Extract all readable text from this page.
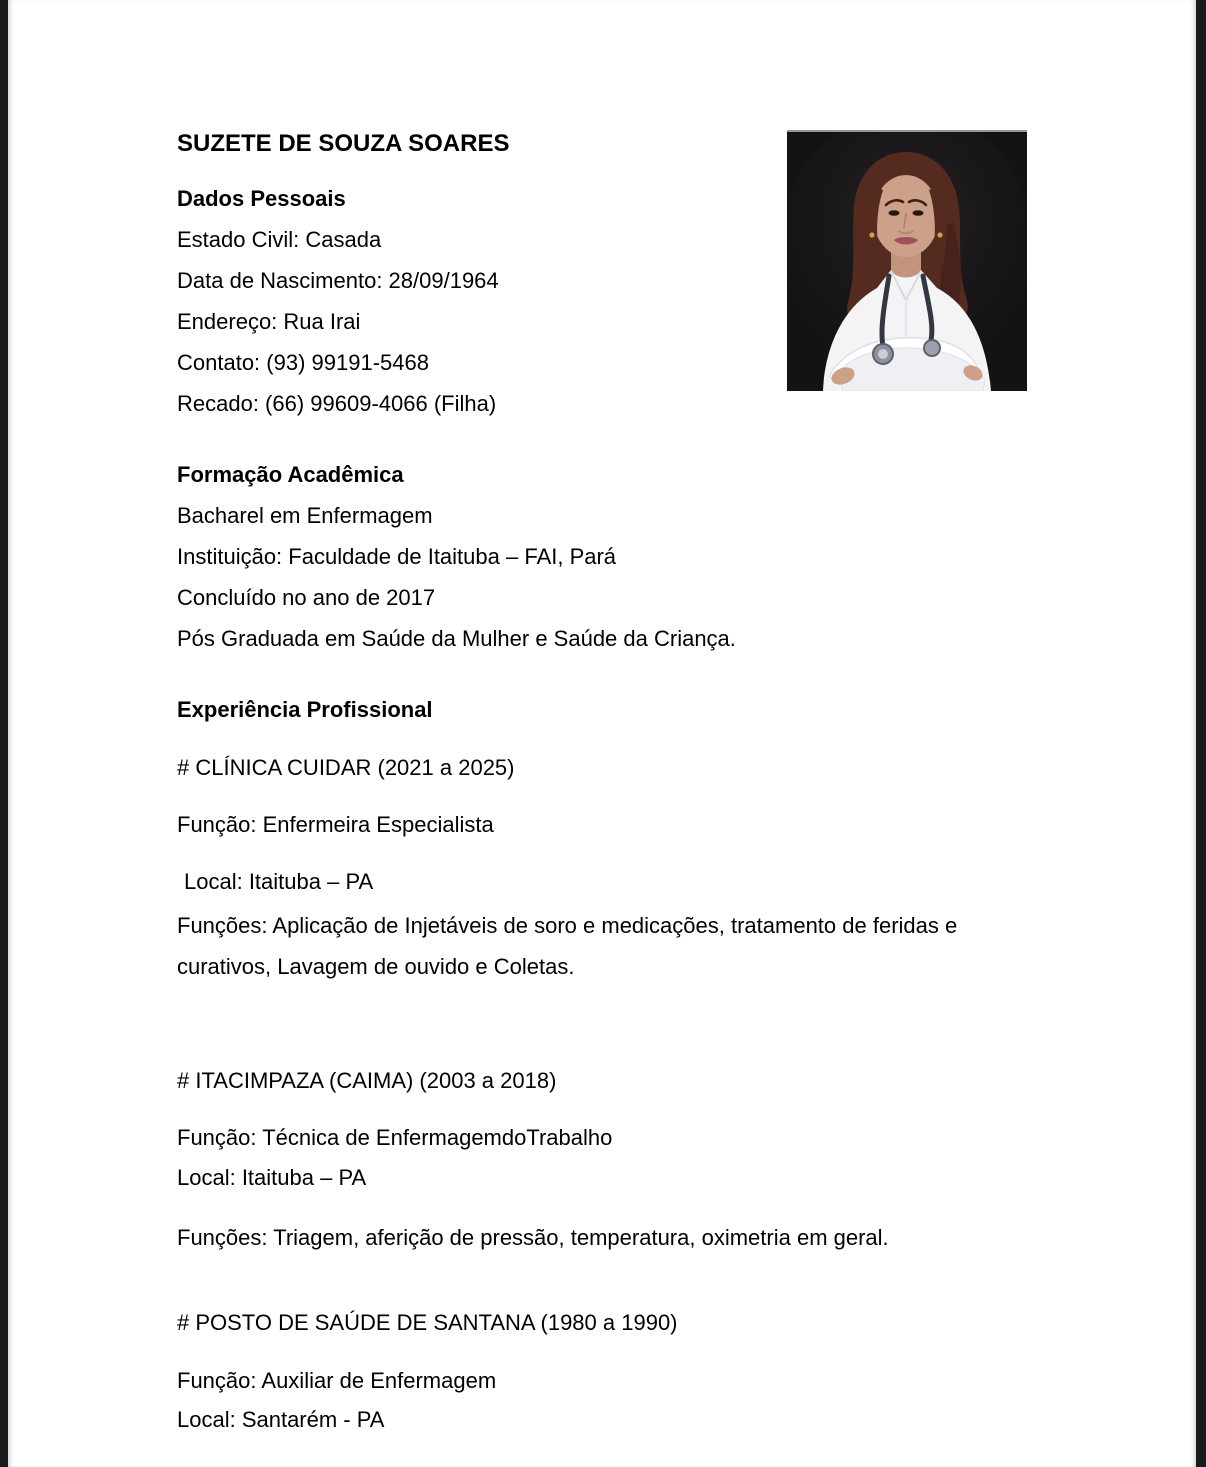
SUZETE DE SOUZA SOARES
Dados Pessoais
Estado Civil: Casada
Data de Nascimento: 28/09/1964
Endereço: Rua Irai
Contato: (93) 99191-5468
Recado: (66) 99609-4066 (Filha)
Formação Acadêmica
Bacharel em Enfermagem
Instituição: Faculdade de Itaituba – FAI, Pará
Concluído no ano de 2017
Pós Graduada em Saúde da Mulher e Saúde da Criança.
Experiência Profissional
# CLÍNICA CUIDAR (2021 a 2025)
Função: Enfermeira Especialista
Local: Itaituba – PA
Funções: Aplicação de Injetáveis de soro e medicações, tratamento de feridas e curativos, Lavagem de ouvido e Coletas.
# ITACIMPAZA (CAIMA) (2003 a 2018)
Função: Técnica de EnfermagemdoTrabalho
Local: Itaituba – PA
Funções: Triagem, aferição de pressão, temperatura, oximetria em geral.
# POSTO DE SAÚDE DE SANTANA (1980 a 1990)
Função: Auxiliar de Enfermagem
Local: Santarém - PA
